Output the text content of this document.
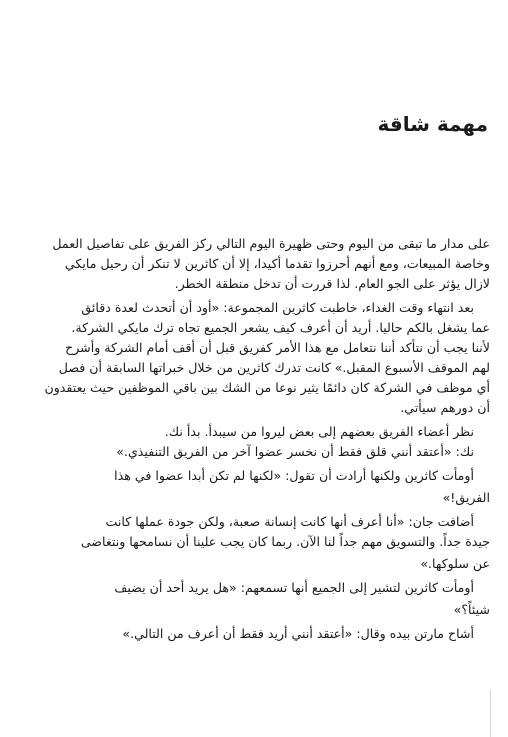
مهمة شاقة

على مدار ما تبقى من اليوم وحتى ظهيرة اليوم التالي ركز الفريق على تفاصيل العمل

وخاصة المبيعات، ومع أنهم أحرزوا تقدما أكيدا، إلا أن كاثرين لا تنكر أن رحيل مايكي

لازال يؤثر على الجو العام. لذا قررت أن تدخل منطقة الخطر.

بعد انتهاء وقت الغداء، خاطبت كاثرين المجموعة: «أود أن أتحدث لعدة دقائق

عما يشغل بالكم حاليا. أريد أن أعرف كيف يشعر الجميع تجاه ترك مايكي الشركة.

لأننا يجب أن نتأكد أننا نتعامل مع هذا الأمر كفريق قبل أن أقف أمام الشركة وأشرح

لهم الموقف الأسبوع المقبل.» كانت تدرك كاثرين من خلال خبراتها السابقة أن فصل

أي موظف في الشركة كان دائمًا يثير نوعا من الشك بين باقي الموظفين حيث يعتقدون

أن دورهم سيأتي.

نظر أعضاء الفريق بعضهم إلى بعض ليروا من سيبدأ. بدأ نك.

نك: «أعتقد أنني قلق فقط أن نخسر عضوا آخر من الفريق التنفيذي.»

أومأت كاثرين ولكنها أرادت أن تقول: «لكنها لم تكن أبدا عضوا في هذا

الفريق!»

أضافت جان: «أنا أعرف أنها كانت إنسانة صعبة، ولكن جودة عملها كانت

جيدة جداً. والتسويق مهم جداً لنا الآن. ربما كان يجب علينا أن نسامحها ونتغاضى

عن سلوكها.»

أومأت كاثرين لتشير إلى الجميع أنها تسمعهم: «هل يريد أحد أن يضيف

شيئاً؟»

أشاح مارتن بيده وقال: «أعتقد أنني أريد فقط أن أعرف من التالي.»
